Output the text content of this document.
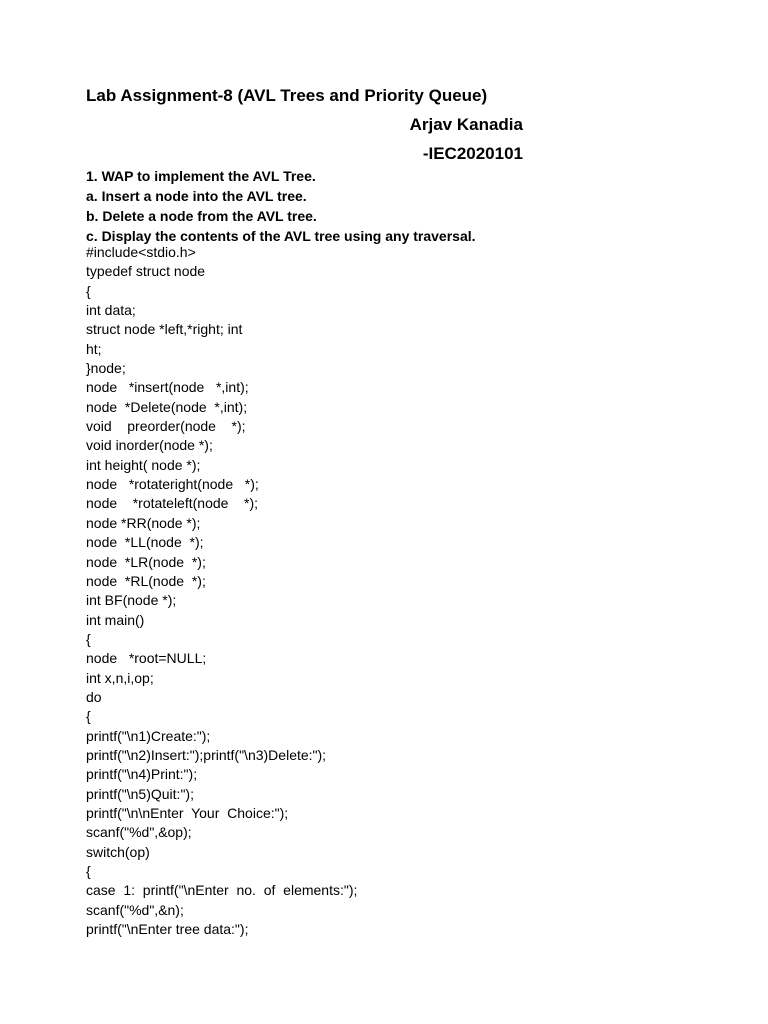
Lab Assignment-8 (AVL Trees and Priority Queue)
Arjav Kanadia
-IEC2020101
1. WAP to implement the AVL Tree.
a. Insert a node into the AVL tree.
b. Delete a node from the AVL tree.
c. Display the contents of the AVL tree using any traversal.
#include<stdio.h>
typedef struct node
{
int data;
struct node *left,*right; int
ht;
}node;
node   *insert(node   *,int);
node  *Delete(node  *,int);
void    preorder(node    *);
void inorder(node *);
int height( node *);
node   *rotateright(node   *);
node    *rotateleft(node    *);
node *RR(node *);
node  *LL(node  *);
node  *LR(node  *);
node  *RL(node  *);
int BF(node *);
int main()
{
node   *root=NULL;
int x,n,i,op;
do
{
printf("\n1)Create:");
printf("\n2)Insert:");printf("\n3)Delete:");
printf("\n4)Print:");
printf("\n5)Quit:");
printf("\n\nEnter  Your  Choice:");
scanf("%d",&op);
switch(op)
{
case  1:  printf("\nEnter  no.  of  elements:");
scanf("%d",&n);
printf("\nEnter tree data:");
